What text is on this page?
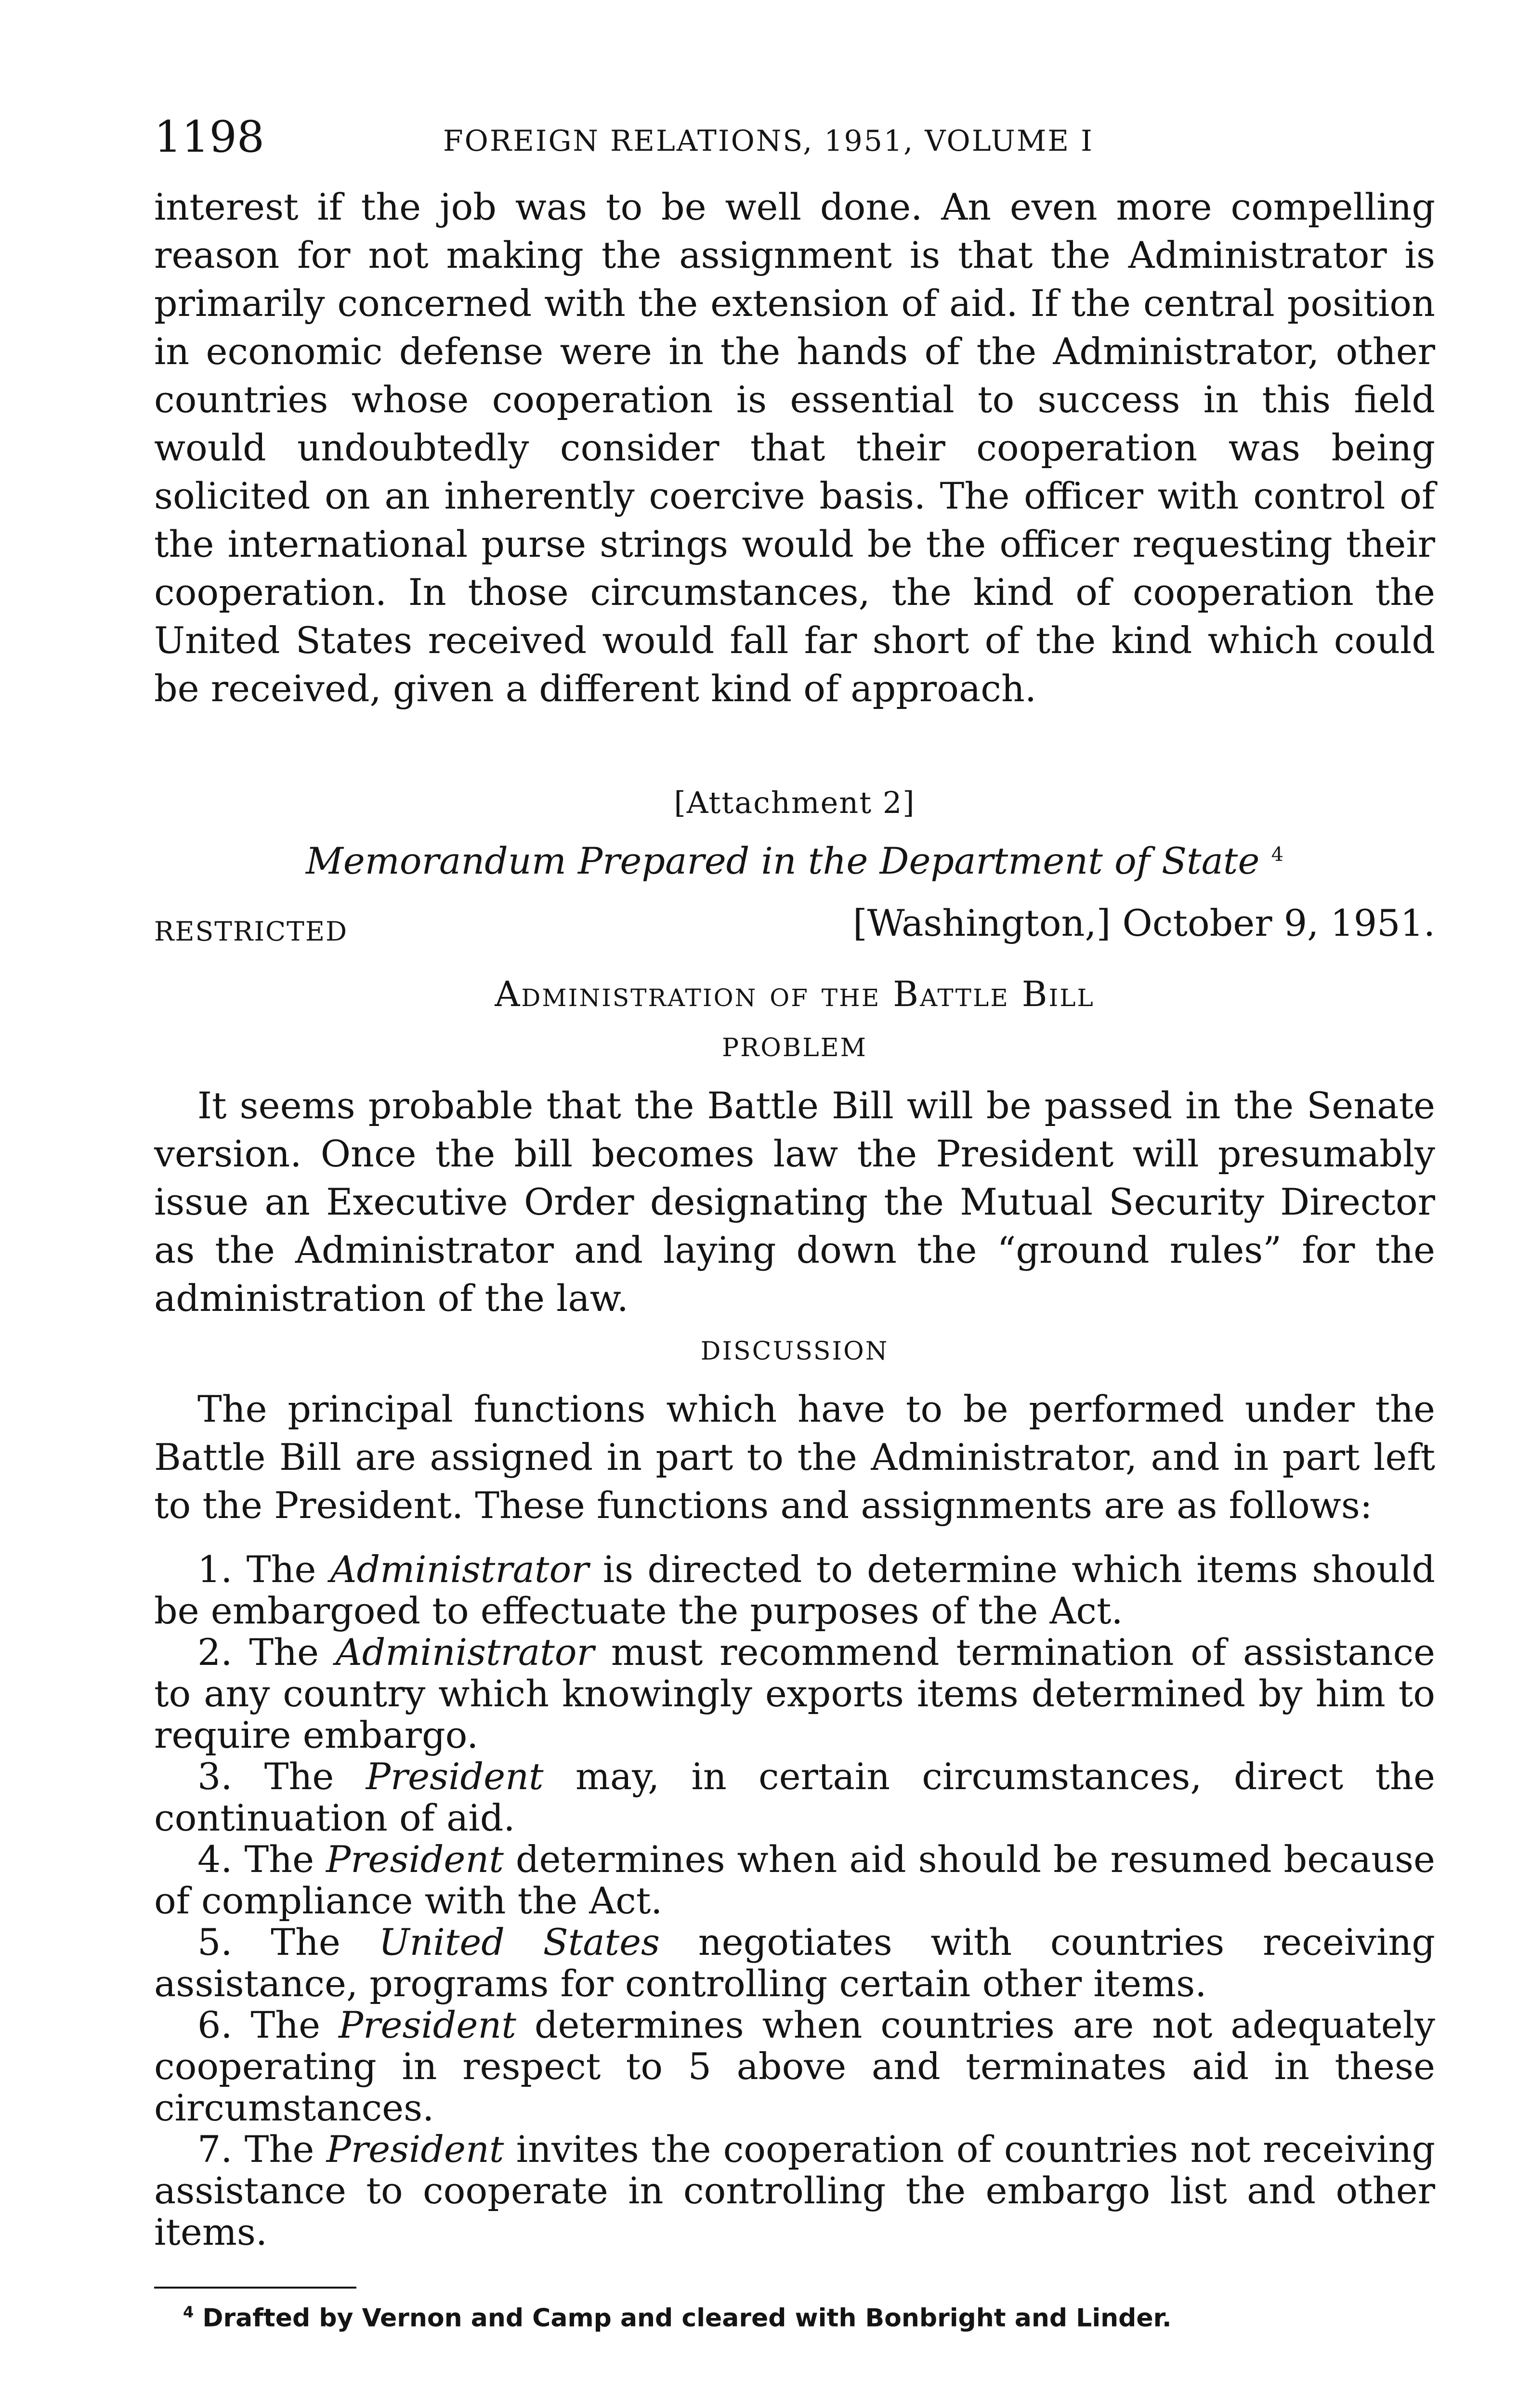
1198	FOREIGN RELATIONS, 1951, VOLUME I

interest if the job was to be well done. An even more compelling reason for not making the assignment is that the Administrator is primarily concerned with the extension of aid. If the central position in economic defense were in the hands of the Administrator, other countries whose cooperation is essential to success in this field would undoubtedly consider that their cooperation was being solicited on an inherently coercive basis. The officer with control of the international purse strings would be the officer requesting their cooperation. In those circumstances, the kind of cooperation the United States received would fall far short of the kind which could be received, given a different kind of approach.

[Attachment 2]
Memorandum Prepared in the Department of State $^4$
RESTRICTED	[Washington,] October 9, 1951.
Administration of the Battle Bill
PROBLEM

It seems probable that the Battle Bill will be passed in the Senate version. Once the bill becomes law the President will presumably issue an Executive Order designating the Mutual Security Director as the Administrator and laying down the “ground rules” for the administration of the law.

DISCUSSION

The principal functions which have to be performed under the Battle Bill are assigned in part to the Administrator, and in part left to the President. These functions and assignments are as follows:

1. The Administrator is directed to determine which items should be embargoed to effectuate the purposes of the Act.

2. The Administrator must recommend termination of assistance to any country which knowingly exports items determined by him to require embargo.

3. The President may, in certain circumstances, direct the continuation of aid.

4. The President determines when aid should be resumed because of compliance with the Act.

5. The United States negotiates with countries receiving assistance, programs for controlling certain other items.

6. The President determines when countries are not adequately cooperating in respect to 5 above and terminates aid in these circumstances.

7. The President invites the cooperation of countries not receiving assistance to cooperate in controlling the embargo list and other items.

$^4$ Drafted by Vernon and Camp and cleared with Bonbright and Linder.
